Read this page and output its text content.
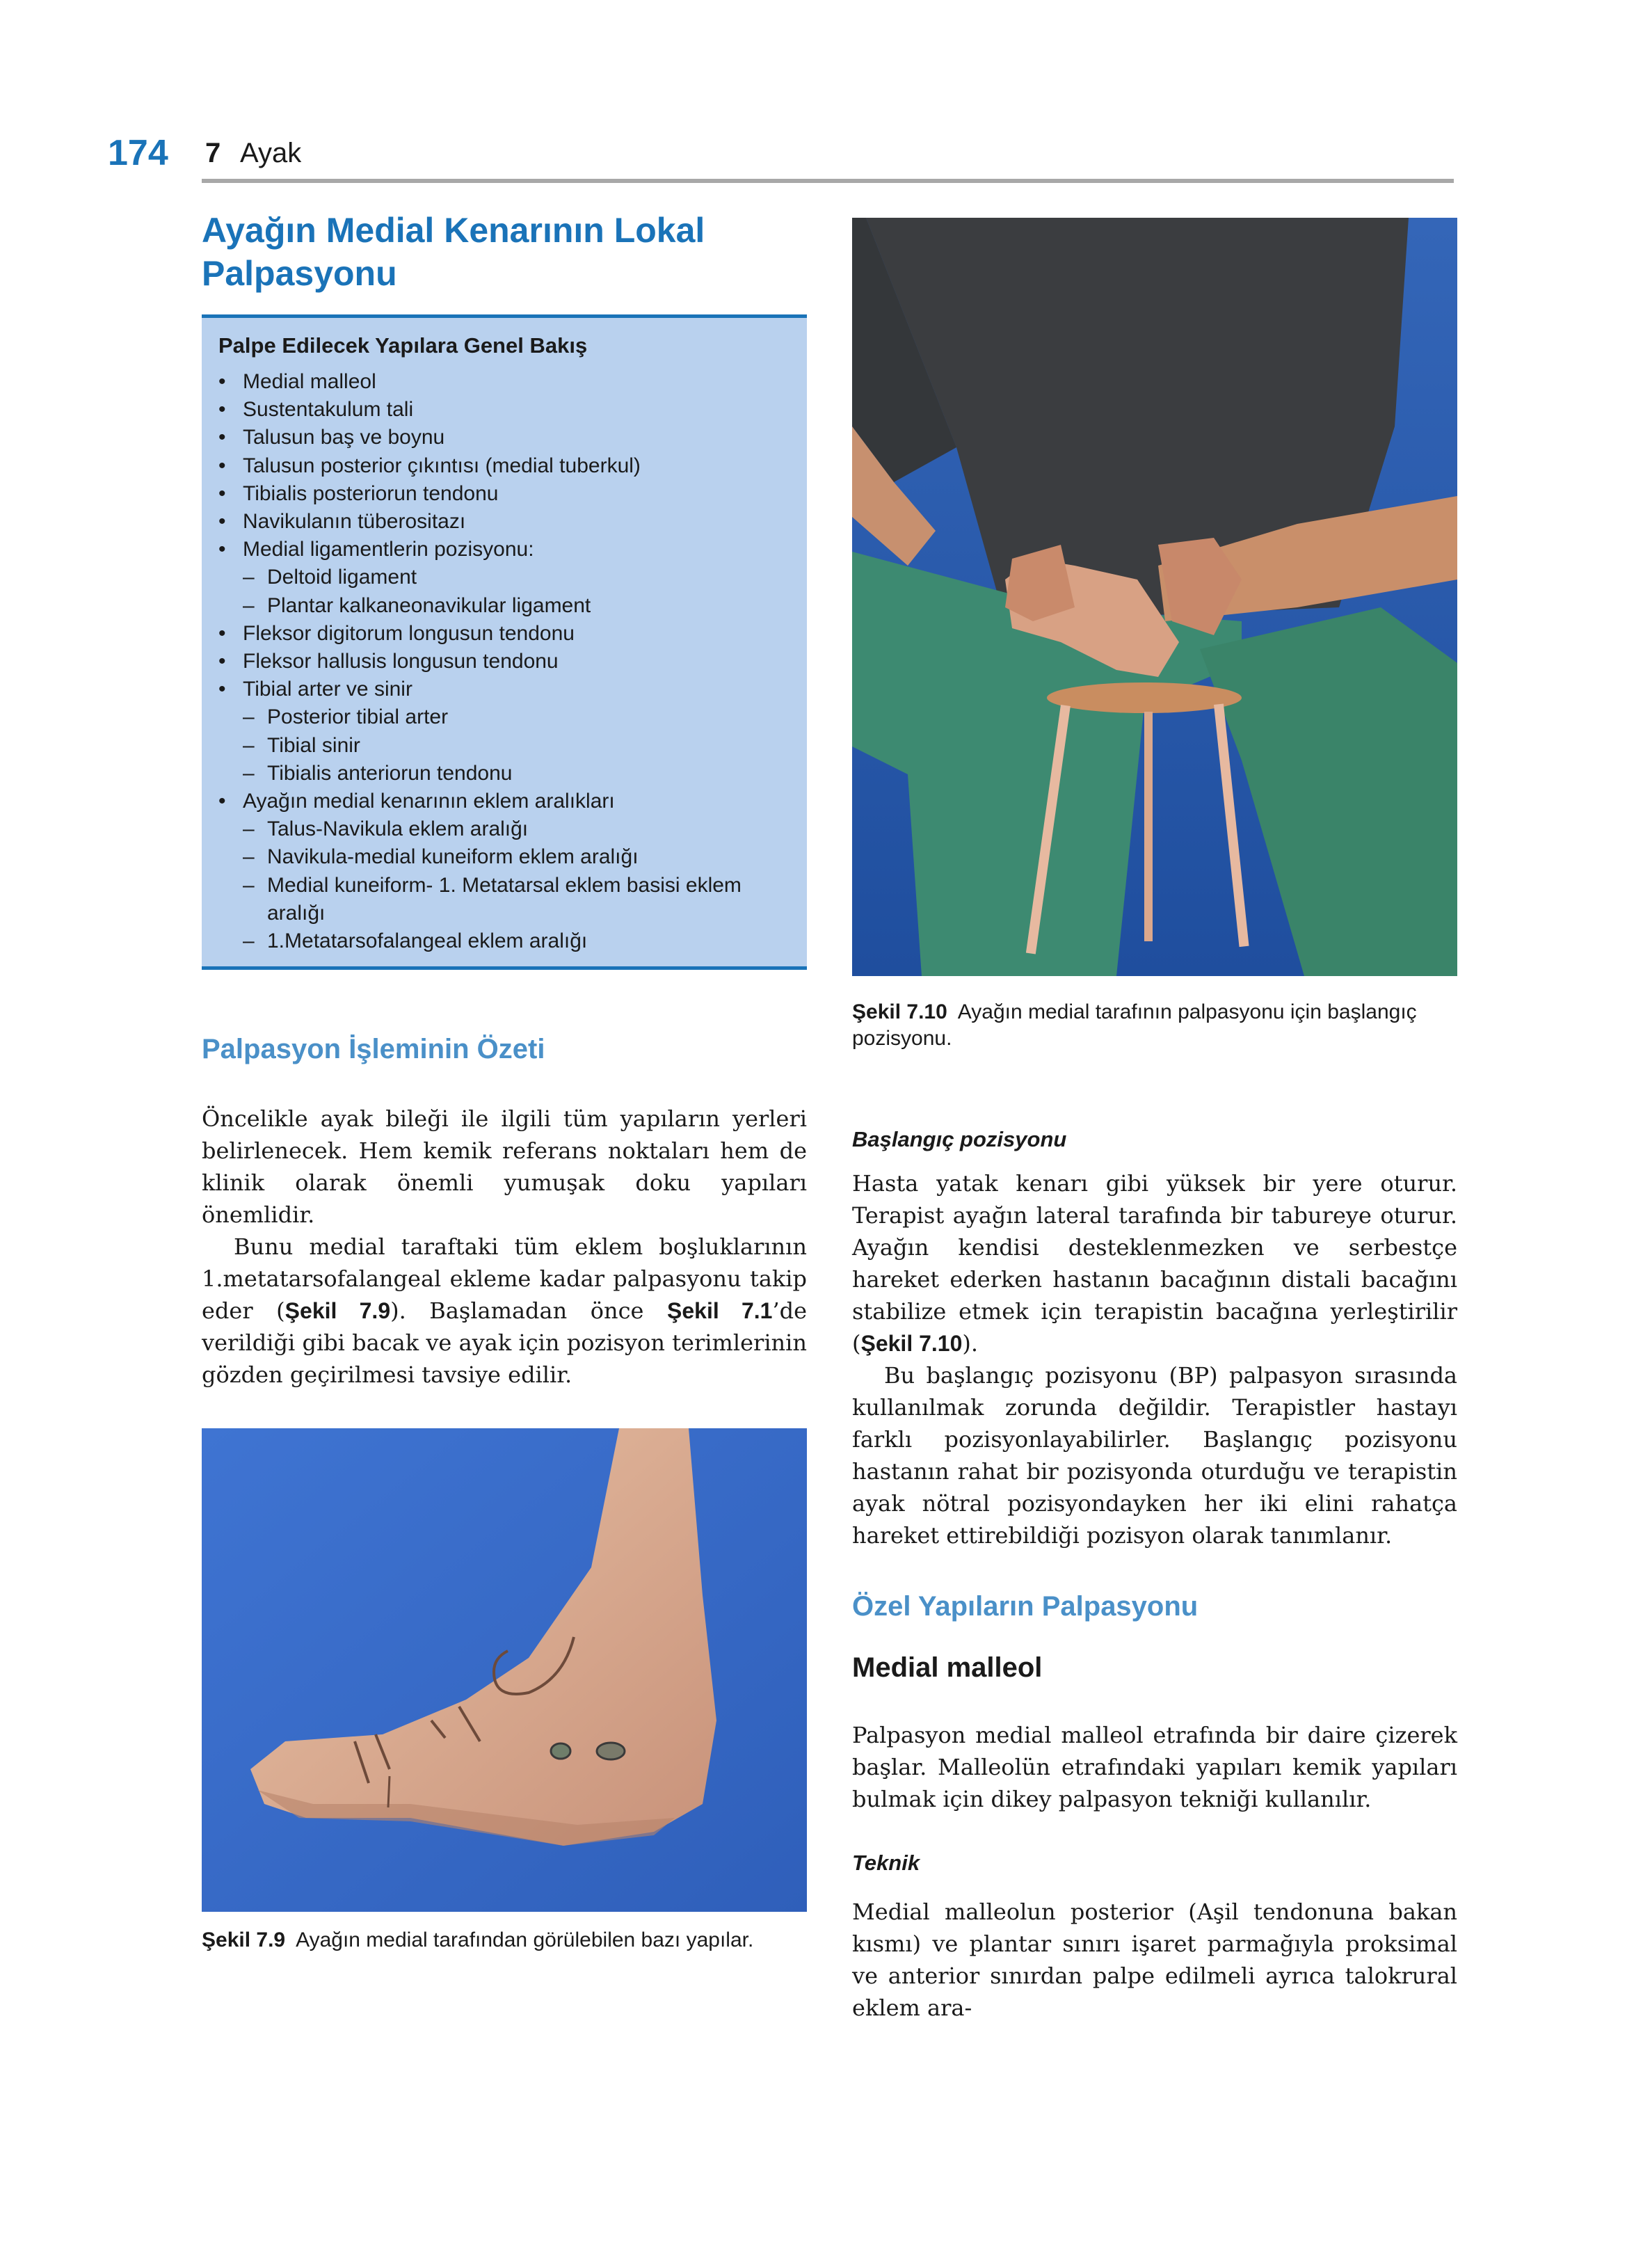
174 7 Ayak
Ayağın Medial Kenarının Lokal Palpasyonu
Palpe Edilecek Yapılara Genel Bakış
• Medial malleol
• Sustentakulum tali
• Talusun baş ve boynu
• Talusun posterior çıkıntısı (medial tuberkul)
• Tibialis posteriorun tendonu
• Navikulanın tüberositazı
• Medial ligamentlerin pozisyonu:
– Deltoid ligament
– Plantar kalkaneonavikular ligament
• Fleksor digitorum longusun tendonu
• Fleksor hallusis longusun tendonu
• Tibial arter ve sinir
– Posterior tibial arter
– Tibial sinir
– Tibialis anteriorun tendonu
• Ayağın medial kenarının eklem aralıkları
– Talus-Navikula eklem aralığı
– Navikula-medial kuneiform eklem aralığı
– Medial kuneiform- 1. Metatarsal eklem basisi eklem aralığı
– 1.Metatarsofalangeal eklem aralığı

Şekil 7.10 Ayağın medial tarafının palpasyonu için başlangıç pozisyonu.

Palpasyon İşleminin Özeti

Öncelikle ayak bileği ile ilgili tüm yapıların yerleri belirlenecek. Hem kemik referans noktaları hem de klinik olarak önemli yumuşak doku yapıları önemlidir.

Bunu medial taraftaki tüm eklem boşluklarının 1.metatarsofalangeal ekleme kadar palpasyonu takip eder (Şekil 7.9). Başlamadan önce Şekil 7.1’de verildiği gibi bacak ve ayak için pozisyon terimlerinin gözden geçirilmesi tavsiye edilir.

Şekil 7.9 Ayağın medial tarafından görülebilen bazı yapılar.

Başlangıç pozisyonu

Hasta yatak kenarı gibi yüksek bir yere oturur. Terapist ayağın lateral tarafında bir tabureye oturur. Ayağın kendisi desteklenmezken ve serbestçe hareket ederken hastanın bacağının distali bacağını stabilize etmek için terapistin bacağına yerleştirilir (Şekil 7.10).

Bu başlangıç pozisyonu (BP) palpasyon sırasında kullanılmak zorunda değildir. Terapistler hastayı farklı pozisyonlayabilirler. Başlangıç pozisyonu hastanın rahat bir pozisyonda oturduğu ve terapistin ayak nötral pozisyondayken her iki elini rahatça hareket ettirebildiği pozisyon olarak tanımlanır.

Özel Yapıların Palpasyonu
Medial malleol

Palpasyon medial malleol etrafında bir daire çizerek başlar. Malleolün etrafındaki yapıları kemik yapıları bulmak için dikey palpasyon tekniği kullanılır.

Teknik

Medial malleolun posterior (Aşil tendonuna bakan kısmı) ve plantar sınırı işaret parmağıyla proksimal ve anterior sınırdan palpe edilmeli ayrıca talokrural eklem ara-
